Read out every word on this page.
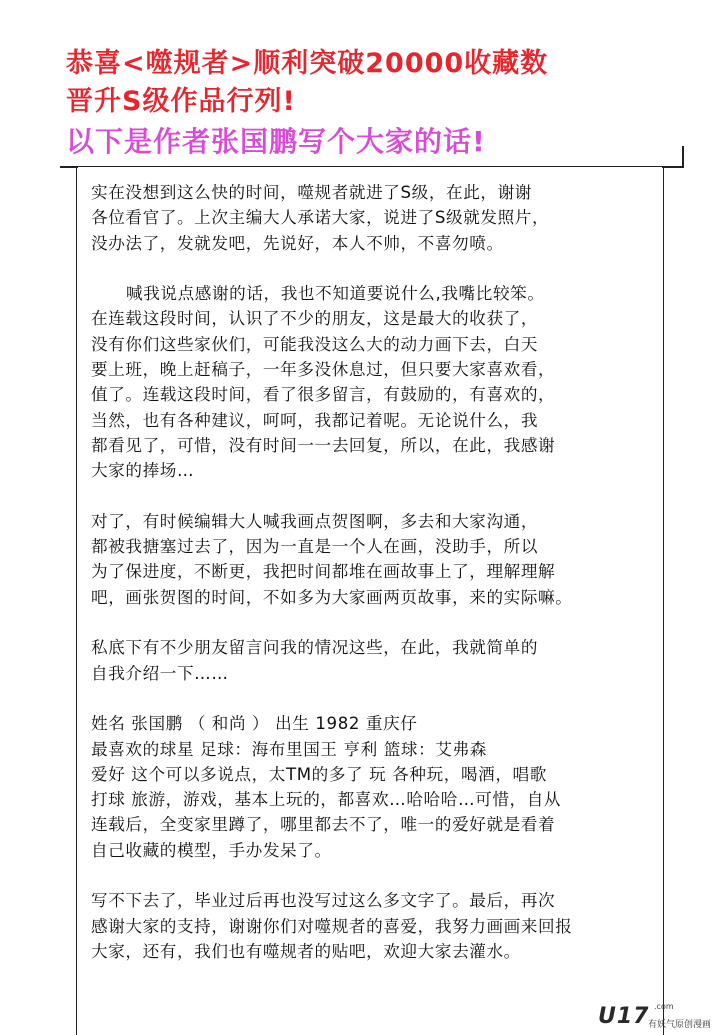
恭喜<噬规者>顺利突破20000收藏数
晋升S级作品行列!
以下是作者张国鹏写个大家的话!
实在没想到这么快的时间，噬规者就进了S级，在此，谢谢
各位看官了。上次主编大人承诺大家，说进了S级就发照片，
没办法了，发就发吧，先说好，本人不帅，不喜勿喷。
喊我说点感谢的话，我也不知道要说什么,我嘴比较笨。
在连载这段时间，认识了不少的朋友，这是最大的收获了，
没有你们这些家伙们，可能我没这么大的动力画下去，白天
要上班，晚上赶稿子，一年多没休息过，但只要大家喜欢看，
值了。连载这段时间，看了很多留言，有鼓励的，有喜欢的，
当然，也有各种建议，呵呵，我都记着呢。无论说什么，我
都看见了，可惜，没有时间一一去回复，所以，在此，我感谢
大家的捧场…
对了，有时候编辑大人喊我画点贺图啊，多去和大家沟通，
都被我搪塞过去了，因为一直是一个人在画，没助手，所以
为了保进度，不断更，我把时间都堆在画故事上了，理解理解
吧，画张贺图的时间，不如多为大家画两页故事，来的实际嘛。
私底下有不少朋友留言问我的情况这些，在此，我就简单的
自我介绍一下……
姓名 张国鹏 （ 和尚 ） 出生 1982 重庆仔
最喜欢的球星 足球：海布里国王 亨利 篮球：艾弗森
爱好 这个可以多说点，太TM的多了 玩 各种玩，喝酒，唱歌
打球 旅游，游戏，基本上玩的，都喜欢…哈哈哈…可惜，自从
连载后，全变家里蹲了，哪里都去不了，唯一的爱好就是看着
自己收藏的模型，手办发呆了。
写不下去了，毕业过后再也没写过这么多文字了。最后，再次
感谢大家的支持，谢谢你们对噬规者的喜爱，我努力画画来回报
大家，还有，我们也有噬规者的贴吧，欢迎大家去灌水。
U17 .com
有妖气原创漫画
